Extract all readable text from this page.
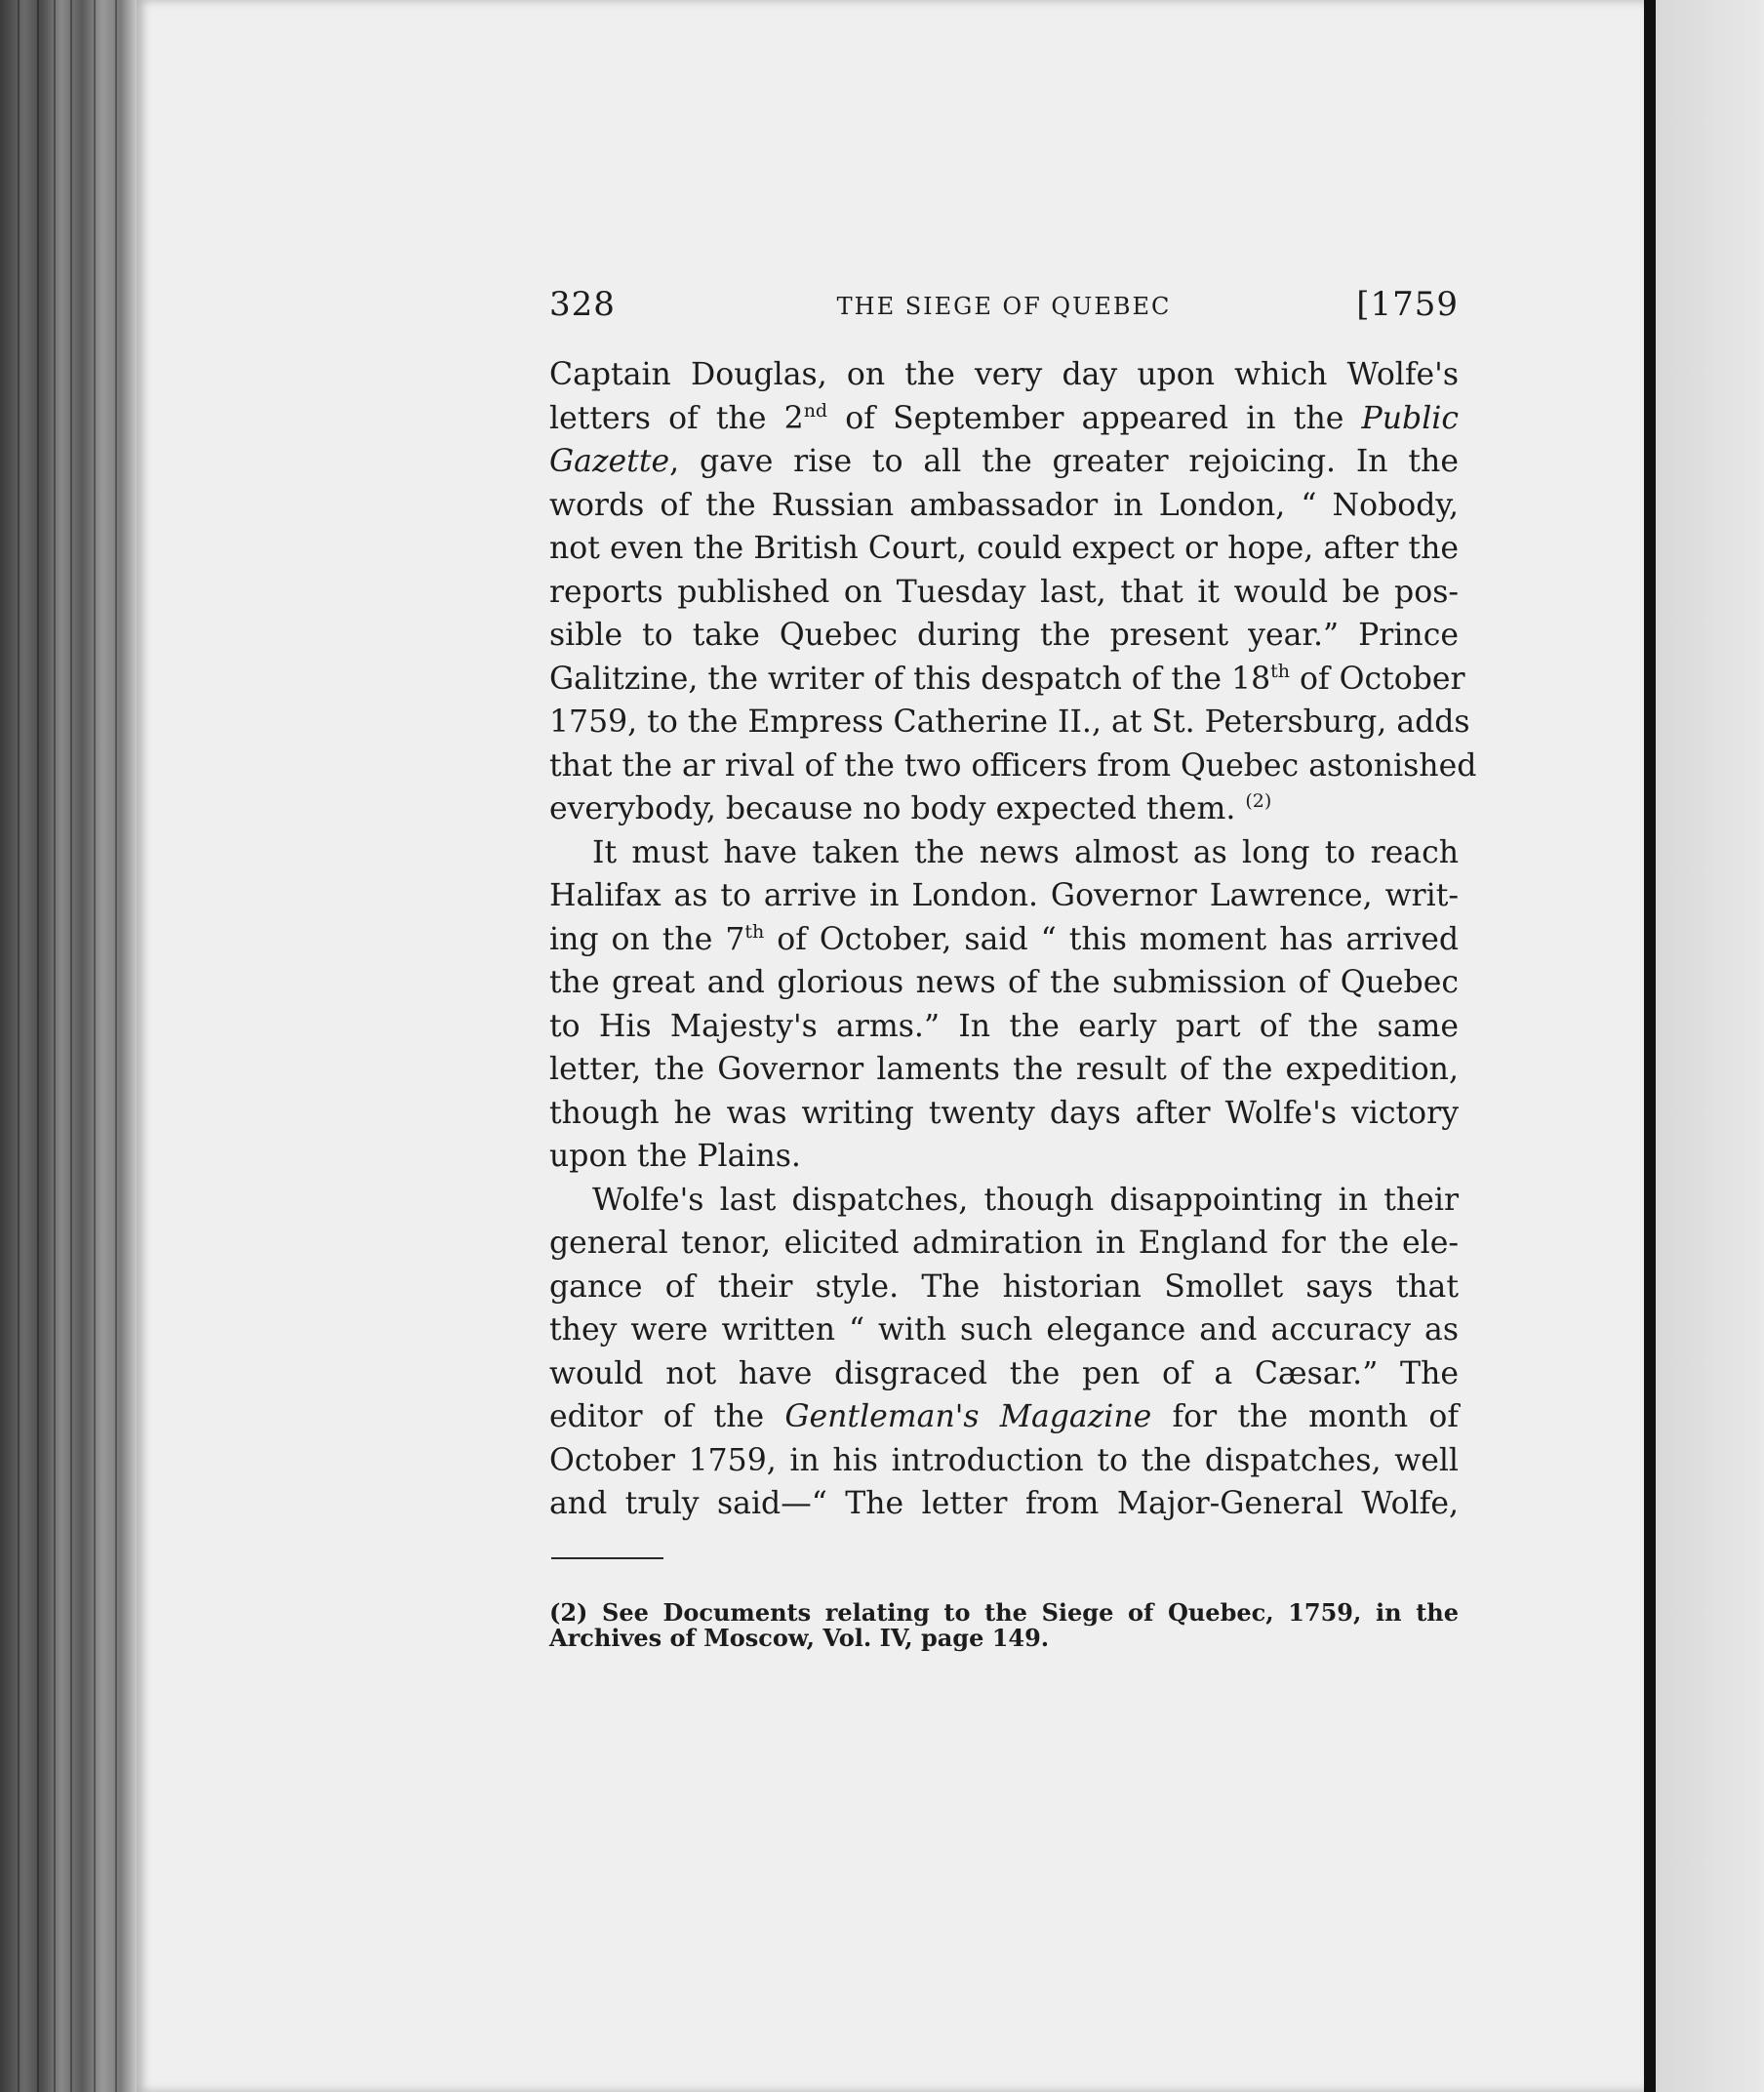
328	THE SIEGE OF QUEBEC	[1759
Captain Douglas, on the very day upon which Wolfe's
letters of the 2nd of September appeared in the Public
Gazette, gave rise to all the greater rejoicing. In the
words of the Russian ambassador in London, “ Nobody,
not even the British Court, could expect or hope, after the
reports published on Tuesday last, that it would be pos-
sible to take Quebec during the present year.” Prince
Galitzine, the writer of this despatch of the 18th of October
1759, to the Empress Catherine II., at St. Petersburg, adds
that the ar rival of the two officers from Quebec astonished
everybody, because no body expected them. $^{(2)}$
It must have taken the news almost as long to reach
Halifax as to arrive in London. Governor Lawrence, writ-
ing on the 7th of October, said “ this moment has arrived
the great and glorious news of the submission of Quebec
to His Majesty's arms.” In the early part of the same
letter, the Governor laments the result of the expedition,
though he was writing twenty days after Wolfe's victory
upon the Plains.
Wolfe's last dispatches, though disappointing in their
general tenor, elicited admiration in England for the ele-
gance of their style. The historian Smollet says that
they were written “ with such elegance and accuracy as
would not have disgraced the pen of a Cæsar.” The
editor of the Gentleman's Magazine for the month of
October 1759, in his introduction to the dispatches, well
and truly said—“ The letter from Major-General Wolfe,
(2) See Documents relating to the Siege of Quebec, 1759, in the
Archives of Moscow, Vol. IV, page 149.
